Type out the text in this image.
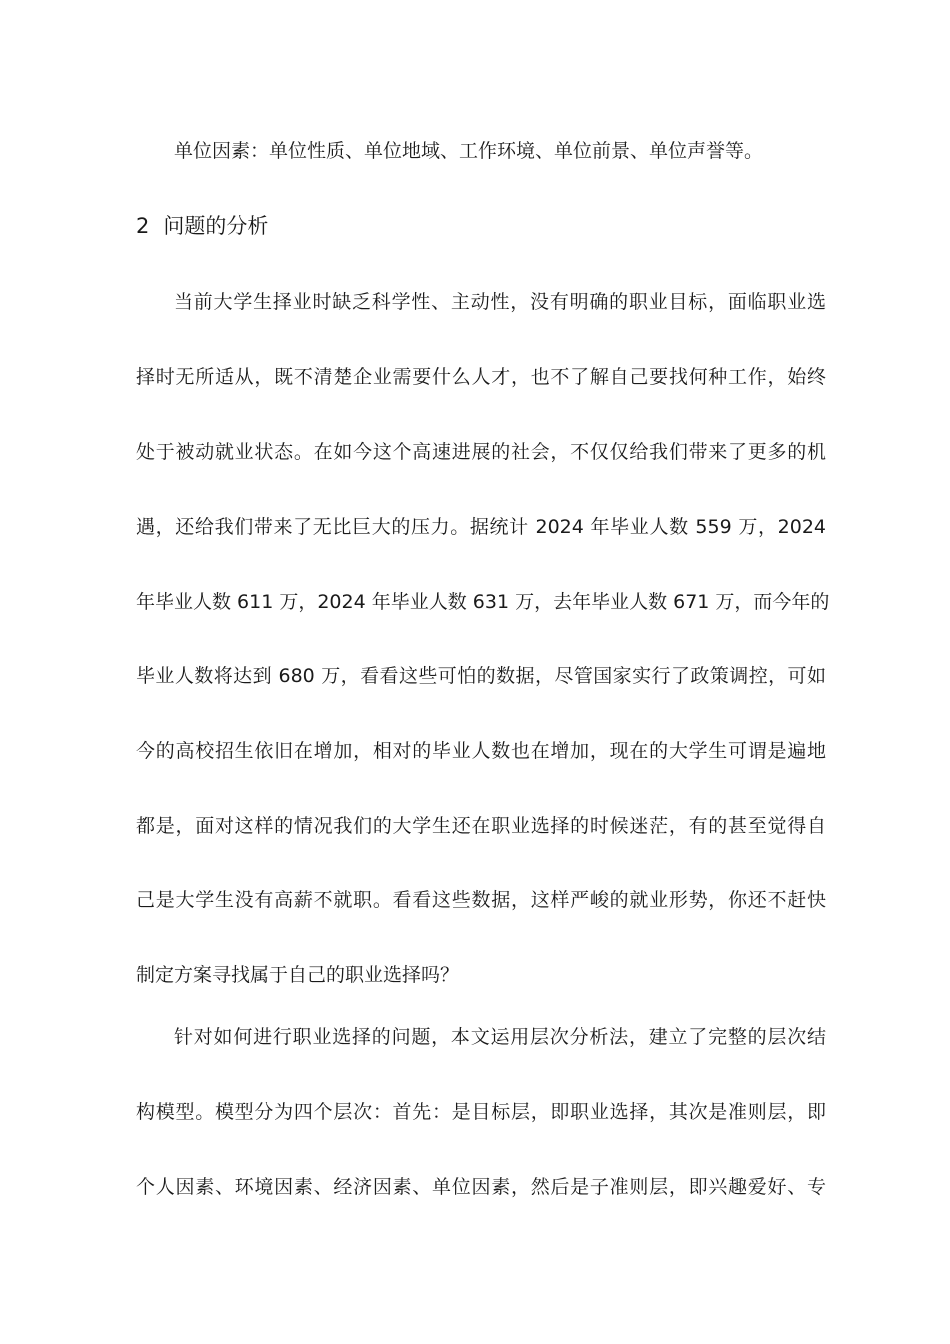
单位因素：单位性质、单位地域、工作环境、单位前景、单位声誉等。
2 问题的分析
当前大学生择业时缺乏科学性、主动性，没有明确的职业目标，面临职业选
择时无所适从，既不清楚企业需要什么人才，也不了解自己要找何种工作，始终
处于被动就业状态。在如今这个高速进展的社会，不仅仅给我们带来了更多的机
遇，还给我们带来了无比巨大的压力。据统计 2024 年毕业人数 559 万，2024
年毕业人数 611 万，2024 年毕业人数 631 万，去年毕业人数 671 万，而今年的
毕业人数将达到 680 万，看看这些可怕的数据，尽管国家实行了政策调控，可如
今的高校招生依旧在增加，相对的毕业人数也在增加，现在的大学生可谓是遍地
都是，面对这样的情况我们的大学生还在职业选择的时候迷茫，有的甚至觉得自
己是大学生没有高薪不就职。看看这些数据，这样严峻的就业形势，你还不赶快
制定方案寻找属于自己的职业选择吗？
针对如何进行职业选择的问题，本文运用层次分析法，建立了完整的层次结
构模型。模型分为四个层次：首先：是目标层，即职业选择，其次是准则层，即
个人因素、环境因素、经济因素、单位因素，然后是子准则层，即兴趣爱好、专
